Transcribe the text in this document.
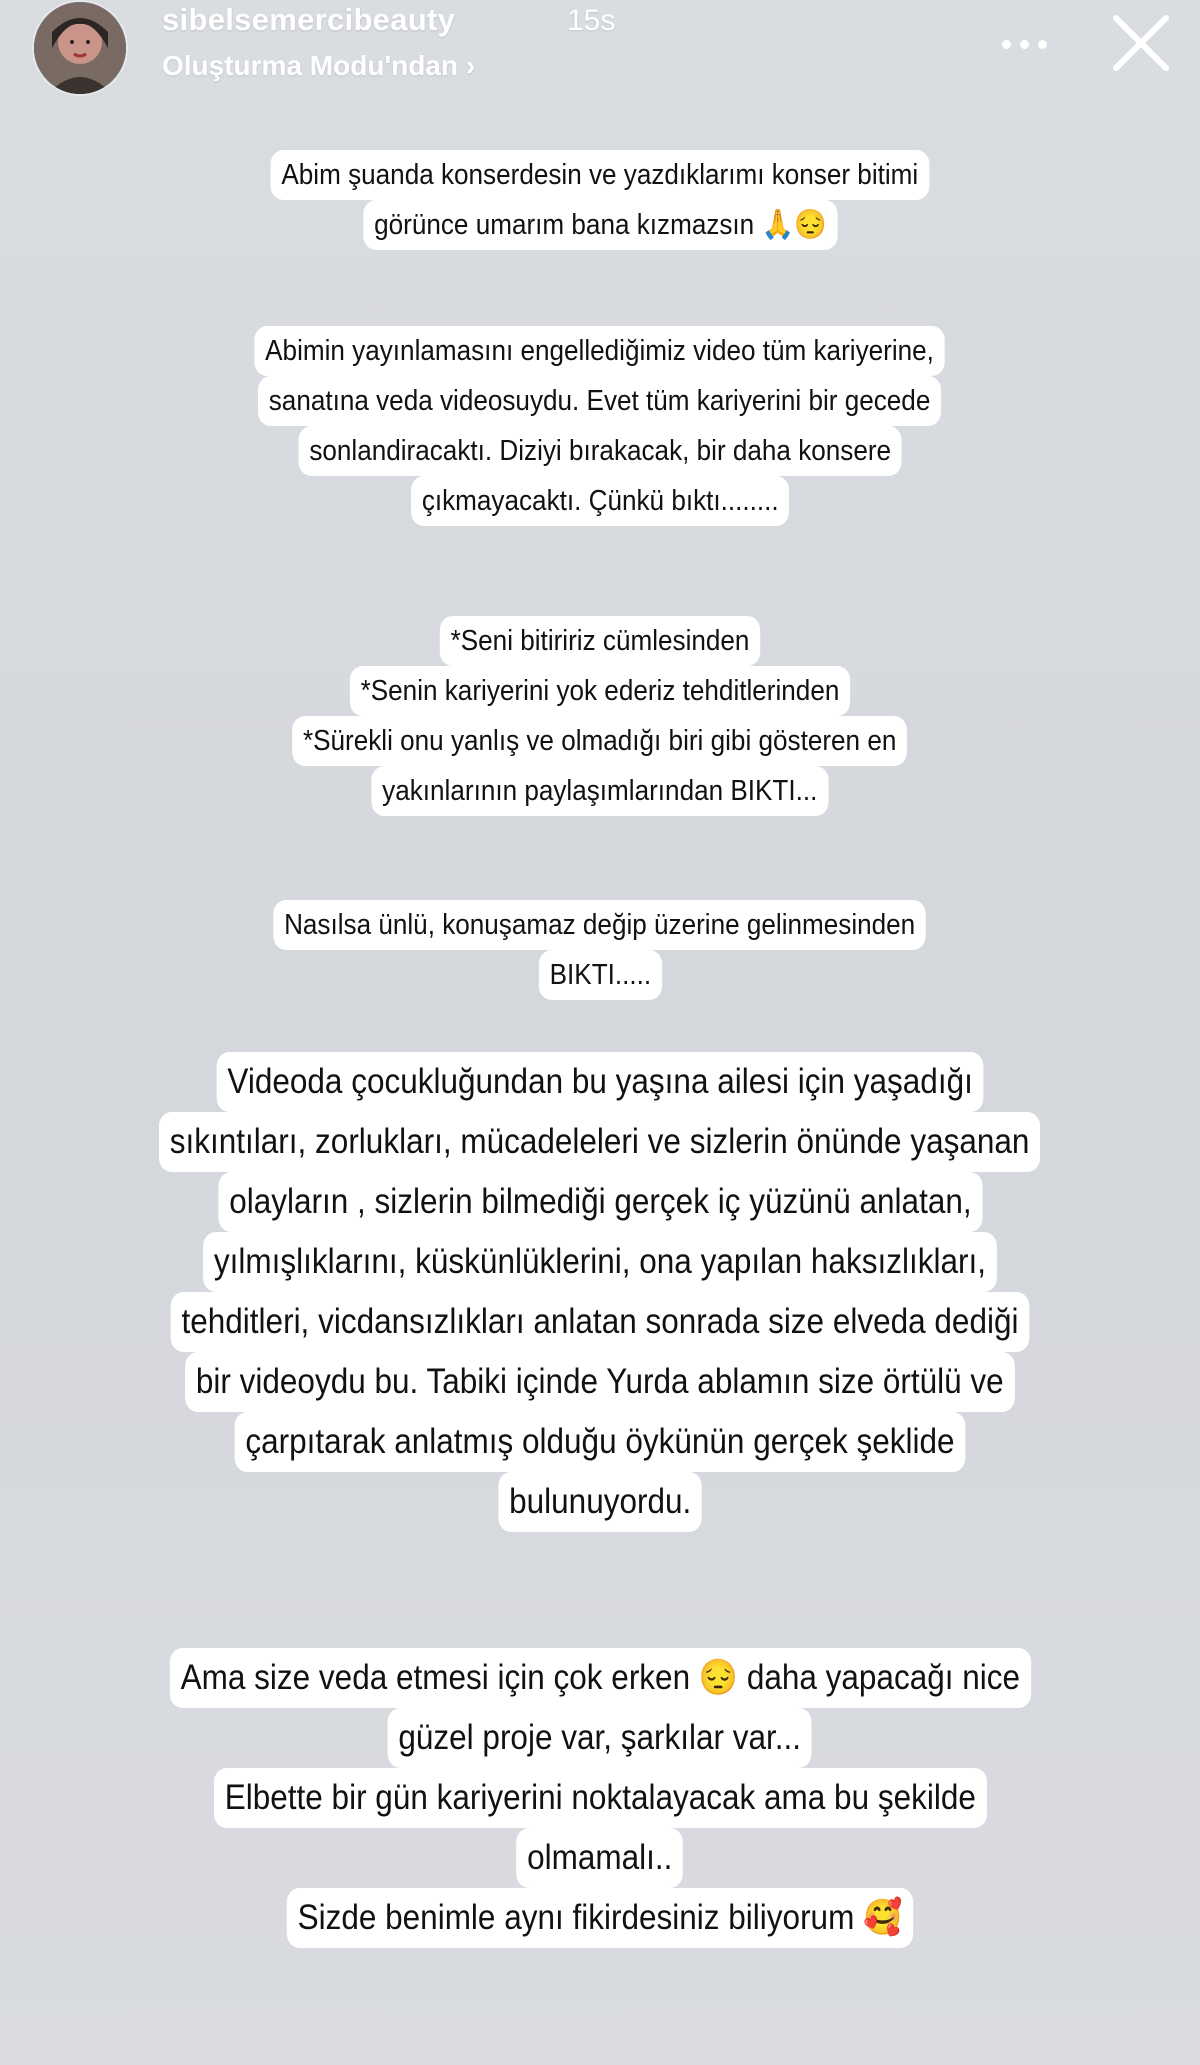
sibelsemercibeauty	15s
Oluşturma Modu'ndan ›
Abim şuanda konserdesin ve yazdıklarımı konser bitimi
görünce umarım bana kızmazsın 🙏😔
Abimin yayınlamasını engellediğimiz video tüm kariyerine,
sanatına veda videosuydu. Evet tüm kariyerini bir gecede
sonlandiracaktı. Diziyi bırakacak, bir daha konsere
çıkmayacaktı. Çünkü bıktı........
*Seni bitiririz cümlesinden
*Senin kariyerini yok ederiz tehditlerinden
*Sürekli onu yanlış ve olmadığı biri gibi gösteren en
yakınlarının paylaşımlarından BIKTI...
Nasılsa ünlü, konuşamaz değip üzerine gelinmesinden
BIKTI.....
Videoda çocukluğundan bu yaşına ailesi için yaşadığı
sıkıntıları, zorlukları, mücadeleleri ve sizlerin önünde yaşanan
olayların , sizlerin bilmediği gerçek iç yüzünü anlatan,
yılmışlıklarını, küskünlüklerini, ona yapılan haksızlıkları,
tehditleri, vicdansızlıkları anlatan sonrada size elveda dediği
bir videoydu bu. Tabiki içinde Yurda ablamın size örtülü ve
çarpıtarak anlatmış olduğu öykünün gerçek şeklide
bulunuyordu.
Ama size veda etmesi için çok erken 😔 daha yapacağı nice
güzel proje var, şarkılar var...
Elbette bir gün kariyerini noktalayacak ama bu şekilde
olmamalı..
Sizde benimle aynı fikirdesiniz biliyorum 🥰
